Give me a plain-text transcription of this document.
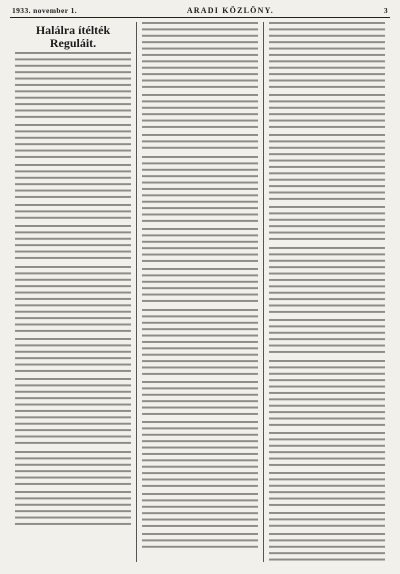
1933. november 1.	ARADI KÖZLÖNY.	3
Halálra ítélték Reguláit.
